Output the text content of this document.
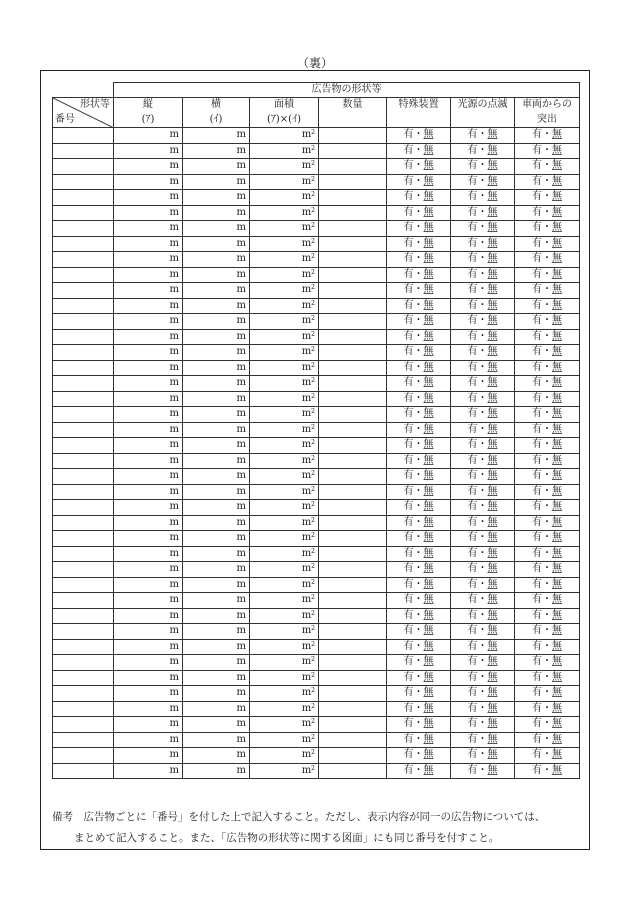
（裏）
	広告物の形状等						

形状等
番号	縦	横	面積	数量	特殊装置	光源の点滅	車両からの
	(ｱ)	(ｲ)	(ｱ)×(ｲ)				突出
	m	m	$m^2$		有・無	有・無	有・無
	m	m	$m^2$		有・無	有・無	有・無
	m	m	$m^2$		有・無	有・無	有・無
	m	m	$m^2$		有・無	有・無	有・無
	m	m	$m^2$		有・無	有・無	有・無
	m	m	$m^2$		有・無	有・無	有・無
	m	m	$m^2$		有・無	有・無	有・無
	m	m	$m^2$		有・無	有・無	有・無
	m	m	$m^2$		有・無	有・無	有・無
	m	m	$m^2$		有・無	有・無	有・無
	m	m	$m^2$		有・無	有・無	有・無
	m	m	$m^2$		有・無	有・無	有・無
	m	m	$m^2$		有・無	有・無	有・無
	m	m	$m^2$		有・無	有・無	有・無
	m	m	$m^2$		有・無	有・無	有・無
	m	m	$m^2$		有・無	有・無	有・無
	m	m	$m^2$		有・無	有・無	有・無
	m	m	$m^2$		有・無	有・無	有・無
	m	m	$m^2$		有・無	有・無	有・無
	m	m	$m^2$		有・無	有・無	有・無
	m	m	$m^2$		有・無	有・無	有・無
	m	m	$m^2$		有・無	有・無	有・無
	m	m	$m^2$		有・無	有・無	有・無
	m	m	$m^2$		有・無	有・無	有・無
	m	m	$m^2$		有・無	有・無	有・無
	m	m	$m^2$		有・無	有・無	有・無
	m	m	$m^2$		有・無	有・無	有・無
	m	m	$m^2$		有・無	有・無	有・無
	m	m	$m^2$		有・無	有・無	有・無
	m	m	$m^2$		有・無	有・無	有・無
	m	m	$m^2$		有・無	有・無	有・無
	m	m	$m^2$		有・無	有・無	有・無
	m	m	$m^2$		有・無	有・無	有・無
	m	m	$m^2$		有・無	有・無	有・無
	m	m	$m^2$		有・無	有・無	有・無
	m	m	$m^2$		有・無	有・無	有・無
	m	m	$m^2$		有・無	有・無	有・無
	m	m	$m^2$		有・無	有・無	有・無
	m	m	$m^2$		有・無	有・無	有・無
	m	m	$m^2$		有・無	有・無	有・無
	m	m	$m^2$		有・無	有・無	有・無
	m	m	$m^2$		有・無	有・無	有・無
備考　広告物ごとに「番号」を付した上で記入すること。ただし、表示内容が同一の広告物については、
まとめて記入すること。また、「広告物の形状等に関する図面」にも同じ番号を付すこと。
